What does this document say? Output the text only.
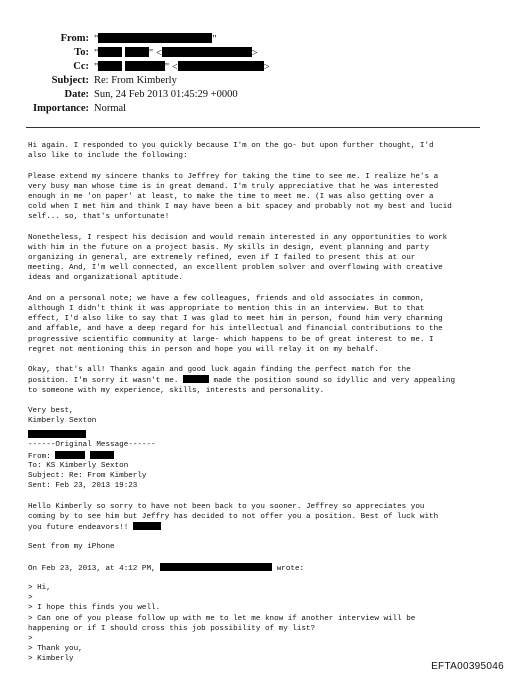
From: "	"
To: "	" <	>
Cc: "	" <	>
Subject: Re: From Kimberly
Date: Sun, 24 Feb 2013 01:45:29 +0000
Importance: Normal
Hi again. I responded to you quickly because I'm on the go- but upon further thought, I'd
also like to include the following:
Please extend my sincere thanks to Jeffrey for taking the time to see me. I realize he's a
very busy man whose time is in great demand. I'm truly appreciative that he was interested
enough in me 'on paper' at least, to make the time to meet me. (I was also getting over a
cold when I met him and think I may have been a bit spacey and probably not my best and lucid
self... so, that's unfortunate!
Nonetheless, I respect his decision and would remain interested in any opportunities to work
with him in the future on a project basis. My skills in design, event planning and party
organizing in general, are extremely refined, even if I failed to present this at our
meeting. And, I'm well connected, an excellent problem solver and overflowing with creative
ideas and organizational aptitude.
And on a personal note; we have a few colleagues, friends and old associates in common,
although I didn't think it was appropriate to mention this in an interview. But to that
effect, I'd also like to say that I was glad to meet him in person, found him very charming
and affable, and have a deep regard for his intellectual and financial contributions to the
progressive scientific community at large- which happens to be of great interest to me. I
regret not mentioning this in person and hope you will relay it on my behalf.
Okay, that's all! Thanks again and good luck again finding the perfect match for the
position. I'm sorry it wasn't me.	made the position sound so idyllic and very appealing
to someone with my experience, skills, interests and personality.
Very best,
Kimberly Sexton
------Original Message------
From:
To: KS Kimberly Sexton
Subject: Re: From Kimberly
Sent: Feb 23, 2013 19:23
Hello Kimberly so sorry to have not been back to you sooner. Jeffrey so appreciates you
coming by to see him but Jeffry has decided to not offer you a position. Best of luck with
you future endeavors!!
Sent from my iPhone
On Feb 23, 2013, at 4:12 PM,	wrote:
> Hi,
>
> I hope this finds you well.
> Can one of you please follow up with me to let me know if another interview will be
happening or if I should cross this job possibility of my list?
>
> Thank you,
> Kimberly
EFTA00395046
